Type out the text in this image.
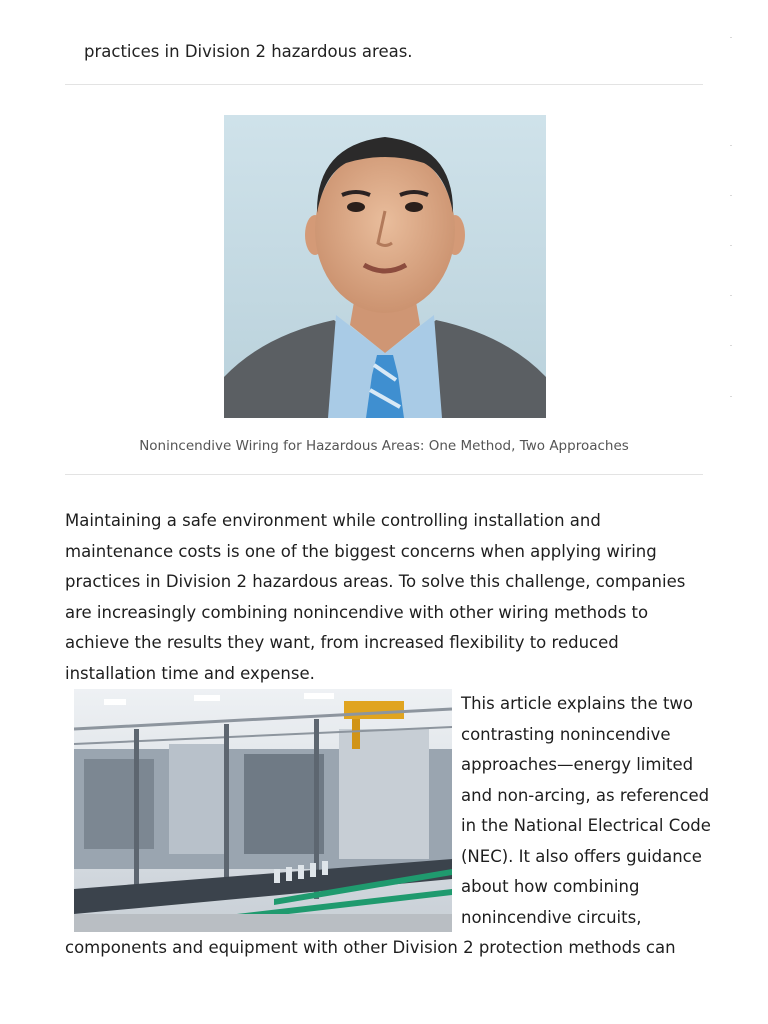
practices in Division 2 hazardous areas.
Nonincendive Wiring for Hazardous Areas: One Method, Two Approaches

Maintaining a safe environment while controlling installation and maintenance costs is one of the biggest concerns when applying wiring practices in Division 2 hazardous areas. To solve this challenge, companies are increasingly combining nonincendive with other wiring methods to achieve the results they want, from increased flexibility to reduced installation time and expense.

This article explains the two
contrasting nonincendive
approaches—energy limited
and non-arcing, as referenced
in the National Electrical Code
(NEC). It also offers guidance
about how combining
nonincendive circuits,
components and equipment with other Division 2 protection methods can
